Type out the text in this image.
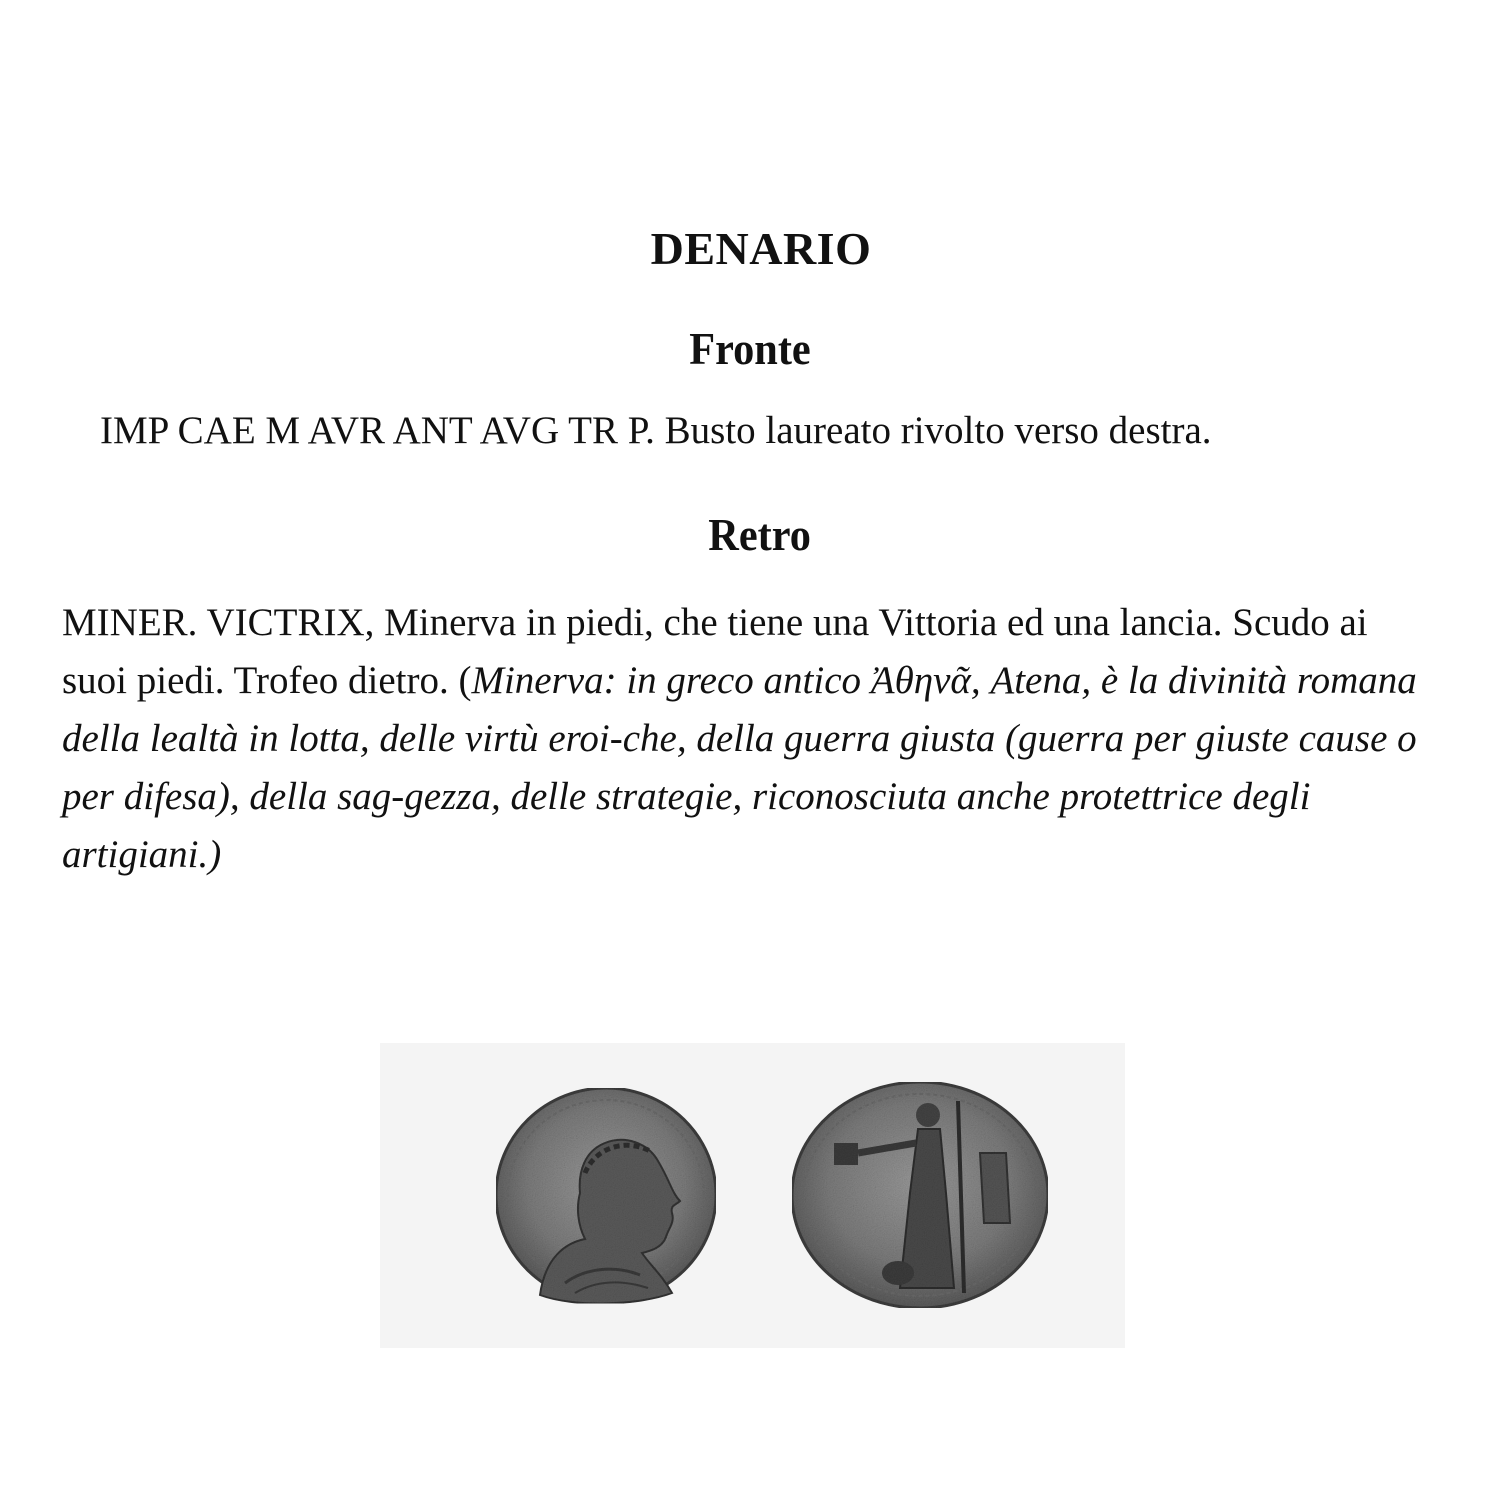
DENARIO
Fronte

IMP CAE M AVR ANT AVG TR P. Busto laureato rivolto verso destra.

Retro

MINER. VICTRIX, Minerva in piedi, che tiene una Vittoria ed una lancia. Scudo ai suoi piedi. Trofeo dietro. (Minerva: in greco antico Ἀθηνᾶ, Atena, è la divinità romana della lealtà in lotta, delle virtù eroi-che, della guerra giusta (guerra per giuste cause o per difesa), della sag-gezza, delle strategie, riconosciuta anche protettrice degli artigiani.)
